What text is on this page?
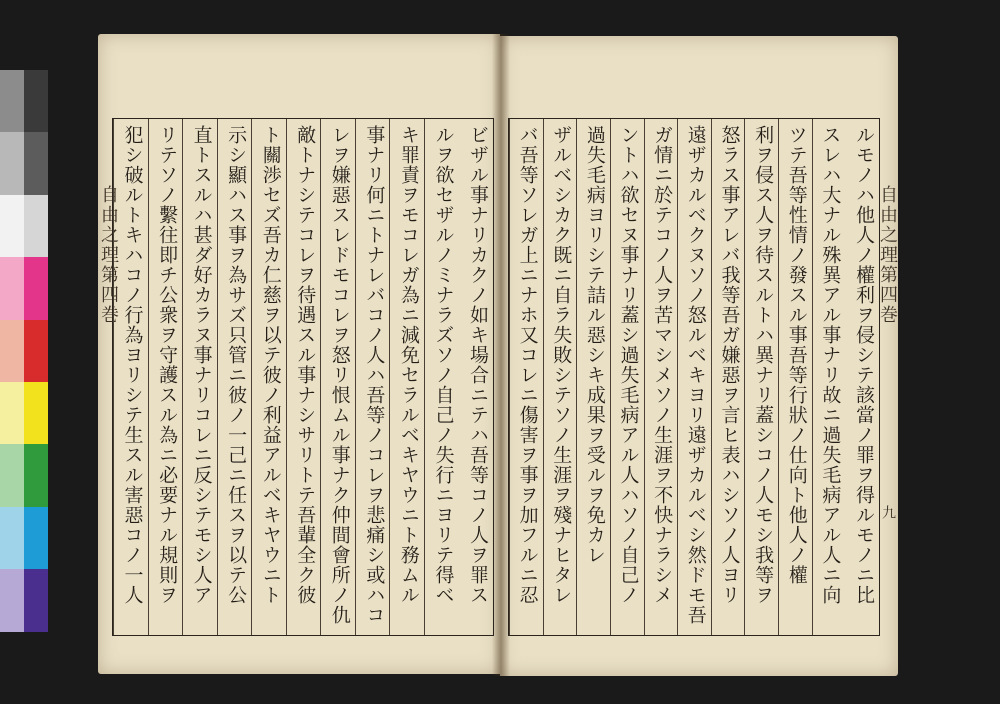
自由之理第四巻	自由之理第四巻
九
ビザル事ナリカクノ如キ場合ニテハ吾等コノ人ヲ罪ス
ルヲ欲セザルノミナラズソノ自己ノ失行ニヨリテ得ベ
キ罪責ヲモコレガ為ニ減免セラルベキヤウニト務ムル
事ナリ何ニトナレバコノ人ハ吾等ノコレヲ悲痛シ或ハコ
レヲ嫌惡スレドモコレヲ怒リ恨ムル事ナク仲間會所ノ仇
敵トナシテコレヲ待遇スル事ナシサリトテ吾輩全ク彼
ト關渉セズ吾カ仁慈ヲ以テ彼ノ利益アルベキヤウニト
示シ顯ハス事ヲ為サズ只管ニ彼ノ一己ニ任スヲ以テ公
直トスルハ甚ダ好カラヌ事ナリコレニ反シテモシ人ア
リテソノ繫往即チ公衆ヲ守護スル為ニ必要ナル規則ヲ
犯シ破ルトキハコノ行為ヨリシテ生スル害惡コノ一人	ルモノハ他人ノ權利ヲ侵シテ該當ノ罪ヲ得ルモノニ比
スレハ大ナル殊異アル事ナリ故ニ過失毛病アル人ニ向
ツテ吾等性情ノ發スル事吾等行狀ノ仕向ト他人ノ權
利ヲ侵ス人ヲ待スルトハ異ナリ蓋シコノ人モシ我等ヲ
怒ラス事アレバ我等吾ガ嫌惡ヲ言ヒ表ハシソノ人ヨリ
遠ザカルベクヌソノ怒ルベキヨリ遠ザカルベシ然ドモ吾
ガ情ニ於テコノ人ヲ苦マシメソノ生涯ヲ不快ナラシメ
ントハ欲セヌ事ナリ蓋シ過失毛病アル人ハソノ自己ノ
過失毛病ヨリシテ詰ル惡シキ成果ヲ受ルヲ免カレ
ザルベシカク既ニ自ラ失敗シテソノ生涯ヲ殘ナヒタレ
バ吾等ソレガ上ニナホ又コレニ傷害ヲ事ヲ加フルニ忍
